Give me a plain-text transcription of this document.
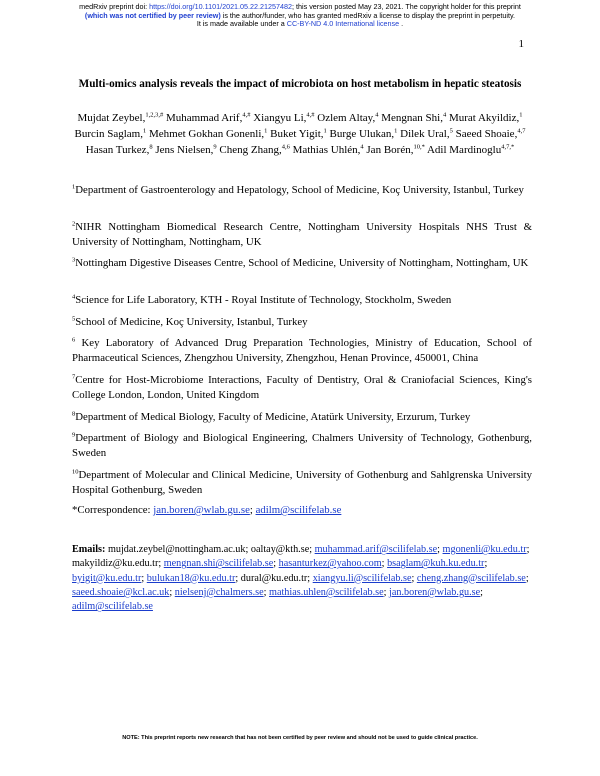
medRxiv preprint doi: https://doi.org/10.1101/2021.05.22.21257482; this version posted May 23, 2021. The copyright holder for this preprint
(which was not certified by peer review) is the author/funder, who has granted medRxiv a license to display the preprint in perpetuity.
It is made available under a CC-BY-ND 4.0 International license .
1
Multi-omics analysis reveals the impact of microbiota on host metabolism in hepatic steatosis
Mujdat Zeybel,$^{1,2,3,\#}$ Muhammad Arif,$^{4,\#}$ Xiangyu Li,$^{4,\#}$ Ozlem Altay,$^4$ Mengnan Shi,$^4$ Murat Akyildiz,$^1$ Burcin Saglam,$^1$ Mehmet Gokhan Gonenli,$^1$ Buket Yigit,$^1$ Burge Ulukan,$^1$ Dilek Ural,$^5$ Saeed Shoaie,$^{4,7}$ Hasan Turkez,$^8$ Jens Nielsen,$^9$ Cheng Zhang,$^{4,6}$ Mathias Uhlén,$^4$ Jan Borén,$^{10,*}$ Adil Mardinoglu$^{4,7,*}$
$^1$Department of Gastroenterology and Hepatology, School of Medicine, Koç University, Istanbul, Turkey
$^2$NIHR Nottingham Biomedical Research Centre, Nottingham University Hospitals NHS Trust & University of Nottingham, Nottingham, UK
$^3$Nottingham Digestive Diseases Centre, School of Medicine, University of Nottingham, Nottingham, UK
$^4$Science for Life Laboratory, KTH - Royal Institute of Technology, Stockholm, Sweden
$^5$School of Medicine, Koç University, Istanbul, Turkey
$^6$ Key Laboratory of Advanced Drug Preparation Technologies, Ministry of Education, School of Pharmaceutical Sciences, Zhengzhou University, Zhengzhou, Henan Province, 450001, China
$^7$Centre for Host-Microbiome Interactions, Faculty of Dentistry, Oral & Craniofacial Sciences, King's College London, London, United Kingdom
$^8$Department of Medical Biology, Faculty of Medicine, Atatürk University, Erzurum, Turkey
$^9$Department of Biology and Biological Engineering, Chalmers University of Technology, Gothenburg, Sweden
$^{10}$Department of Molecular and Clinical Medicine, University of Gothenburg and Sahlgrenska University Hospital Gothenburg, Sweden
*Correspondence: jan.boren@wlab.gu.se; adilm@scilifelab.se
Emails: mujdat.zeybel@nottingham.ac.uk; oaltay@kth.se; muhammad.arif@scilifelab.se; mgonenli@ku.edu.tr; makyildiz@ku.edu.tr; mengnan.shi@scilifelab.se; hasanturkez@yahoo.com; bsaglam@kuh.ku.edu.tr; byigit@ku.edu.tr; bulukan18@ku.edu.tr; dural@ku.edu.tr; xiangyu.li@scilifelab.se; cheng.zhang@scilifelab.se; saeed.shoaie@kcl.ac.uk; nielsenj@chalmers.se; mathias.uhlen@scilifelab.se; jan.boren@wlab.gu.se; adilm@scilifelab.se
NOTE: This preprint reports new research that has not been certified by peer review and should not be used to guide clinical practice.
